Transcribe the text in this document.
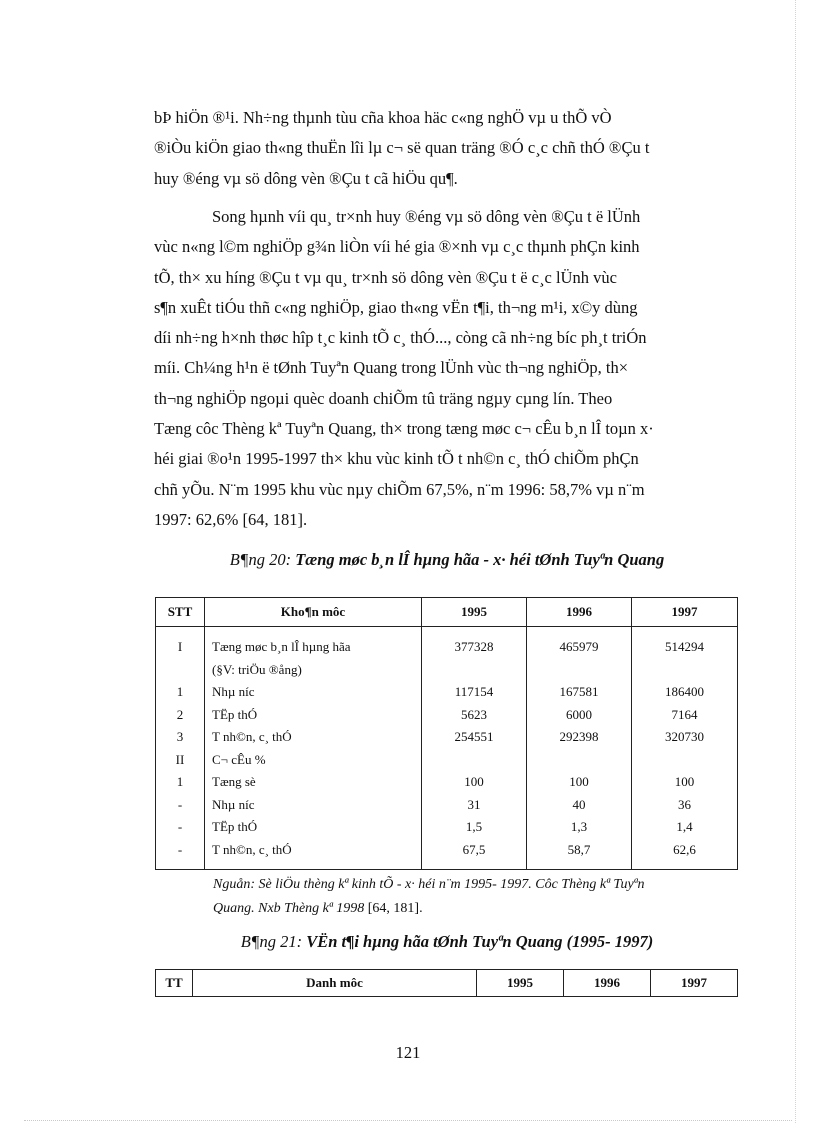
bÞ hiÖn ®¹i. Nh÷ng thµnh tùu cña khoa häc c«ng nghÖ vµ u thÕ vÒ
®iÒu kiÖn giao th«ng thuËn lîi lµ c¬ së quan träng ®Ó c¸c chñ thÓ ®Çu t
huy ®éng vµ sö dông vèn ®Çu t cã hiÖu qu¶.
Song hµnh víi qu¸ tr×nh huy ®éng vµ sö dông vèn ®Çu t ë lÜnh
vùc n«ng l©m nghiÖp g¾n liÒn víi hé gia ®×nh vµ c¸c thµnh phÇn kinh
tÕ, th× xu híng ®Çu t vµ qu¸ tr×nh sö dông vèn ®Çu t ë c¸c lÜnh vùc
s¶n xuÊt tiÓu thñ c«ng nghiÖp, giao th«ng vËn t¶i, th¬ng m¹i, x©y dùng
díi nh÷ng h×nh thøc hîp t¸c kinh tÕ c¸ thÓ..., còng cã nh÷ng bíc ph¸t triÓn
míi. Ch¼ng h¹n ë tØnh Tuyªn Quang trong lÜnh vùc th¬ng nghiÖp, th×
th¬ng nghiÖp ngoµi quèc doanh chiÕm tû träng ngµy cµng lín. Theo
Tæng côc Thèng kª Tuyªn Quang, th× trong tæng møc c¬ cÊu b¸n lÎ toµn x·
héi giai ®o¹n 1995-1997 th× khu vùc kinh tÕ t nh©n c¸ thÓ chiÕm phÇn
chñ yÕu. N¨m 1995 khu vùc nµy chiÕm 67,5%, n¨m 1996: 58,7% vµ n¨m
1997: 62,6% [64, 181].
B¶ng 20: Tæng møc b¸n lÎ hµng hãa - x· héi tØnh Tuyªn Quang
STT	Kho¶n môc	1995	1996	1997
I	Tæng møc b¸n lÎ hµng hãa	377328	465979	514294
	(§V: triÖu ®ång)			
1	Nhµ níc	117154	167581	186400
2	TËp thÓ	5623	6000	7164
3	T nh©n, c¸ thÓ	254551	292398	320730
II	C¬ cÊu %			
1	Tæng sè	100	100	100
-	Nhµ níc	31	40	36
-	TËp thÓ	1,5	1,3	1,4
-	T nh©n, c¸ thÓ	67,5	58,7	62,6
Nguån: Sè liÖu thèng kª kinh tÕ - x· héi n¨m 1995- 1997. Côc Thèng kª Tuyªn
Quang. Nxb Thèng kª 1998 [64, 181].
B¶ng 21: VËn t¶i hµng hãa tØnh Tuyªn Quang (1995- 1997)
TT	Danh môc	1995	1996	1997
121
